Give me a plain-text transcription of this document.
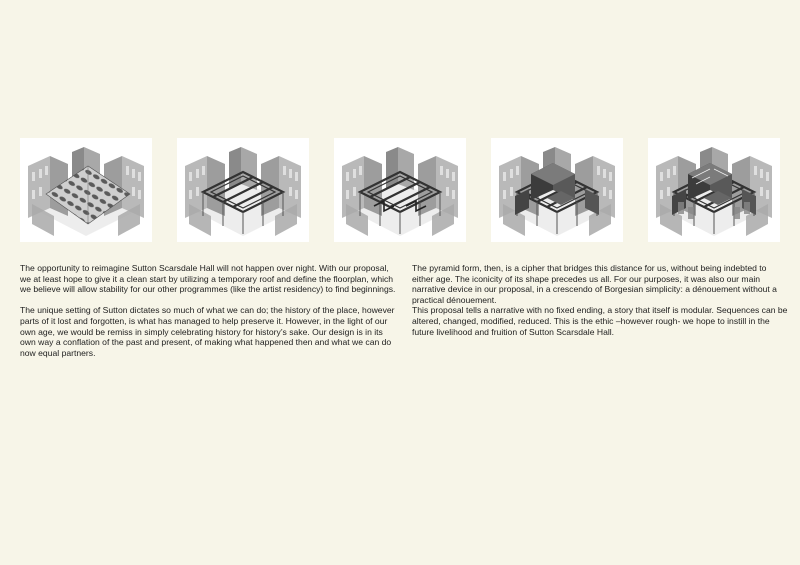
The opportunity to reimagine Sutton Scarsdale Hall will not happen over night. With our proposal, we at least hope to give it a clean start by utilizing a temporary roof and define the floorplan, which we believe will allow stability for our other programmes (like the artist residency) to find beginnings.

The unique setting of Sutton dictates so much of what we can do; the history of the place, however parts of it lost and forgotten, is what has managed to help preserve it. However, in the light of our own age, we would be remiss in simply celebrating history for history’s sake. Our design is in its own way a conflation of the past and present, of making what happened then and what we can do now equal partners.

The pyramid form, then, is a cipher that bridges this distance for us, without being indebted to either age. The iconicity of its shape precedes us all. For our purposes, it was also our main narrative device in our proposal, in a crescendo of Borgesian simplicity: a dénouement without a practical dénouement.

This proposal tells a narrative with no fixed ending, a story that itself is modular. Sequences can be altered, changed, modified, reduced. This is the ethic –however rough- we hope to instill in the future livelihood and fruition of Sutton Scarsdale Hall.
